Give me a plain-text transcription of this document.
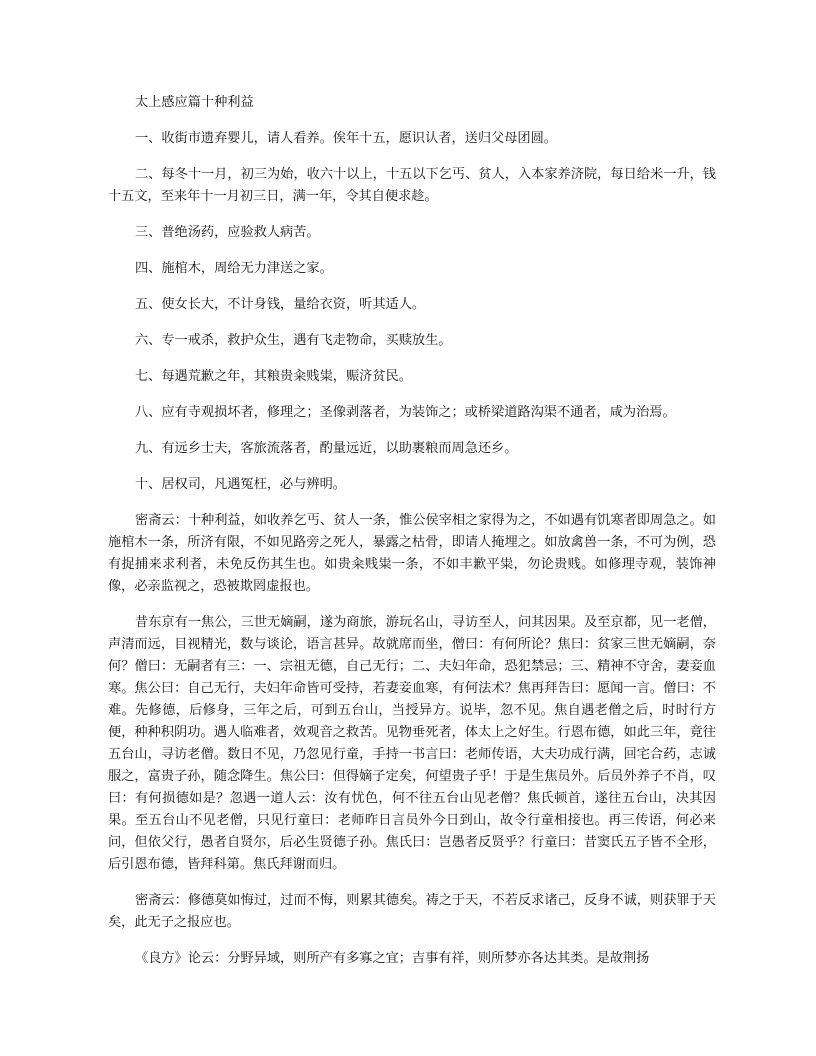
太上感应篇十种利益

一、收街市遗弃婴儿，请人看养。俟年十五，愿识认者，送归父母团圆。

二、每冬十一月，初三为始，收六十以上，十五以下乞丐、贫人，入本家养济院，每日给米一升，钱十五文，至来年十一月初三日，满一年，令其自便求趁。

三、普绝汤药，应验救人病苦。

四、施棺木，周给无力津送之家。

五、使女长大，不计身钱，量给衣资，听其适人。

六、专一戒杀，救护众生，遇有飞走物命，买赎放生。

七、每遇荒歉之年，其粮贵籴贱粜，赈济贫民。

八、应有寺观损坏者，修理之；圣像剥落者，为装饰之；或桥梁道路沟渠不通者，咸为治焉。

九、有远乡士夫，客旅流落者，酌量远近，以助裹粮而周急还乡。

十、居权司，凡遇冤枉，必与辨明。

密斋云：十种利益，如收养乞丐、贫人一条，惟公侯宰相之家得为之，不如遇有饥寒者即周急之。如施棺木一条，所济有限，不如见路旁之死人，暴露之枯骨，即请人掩埋之。如放禽兽一条，不可为例，恐有捉捕来求利者，未免反伤其生也。如贵籴贱粜一条，不如丰歉平粜，勿论贵贱。如修理寺观，装饰神像，必亲监视之，恐被欺罔虚报也。

昔东京有一焦公，三世无嫡嗣，遂为商旅，游玩名山，寻访至人，问其因果。及至京都，见一老僧，声清而远，目视精光，数与谈论，语言甚异。故就席而坐，僧曰：有何所论？焦曰：贫家三世无嫡嗣，奈何？僧曰：无嗣者有三：一、宗祖无德，自己无行；二、夫妇年命，恐犯禁忌；三、精神不守舍，妻妾血寒。焦公曰：自己无行，夫妇年命皆可受持，若妻妾血寒，有何法术？焦再拜告曰：愿闻一言。僧曰：不难。先修德，后修身，三年之后，可到五台山，当授异方。说毕，忽不见。焦自遇老僧之后，时时行方便，种种积阴功。遇人临难者，效观音之救苦。见物垂死者，体太上之好生。行恩布德，如此三年，竟往五台山，寻访老僧。数日不见，乃忽见行童，手持一书言曰：老师传语，大夫功成行满，回宅合药，志诚服之，富贵子孙，随念降生。焦公曰：但得嫡子定矣，何望贵子乎！于是生焦员外。后员外养子不肖，叹曰：有何损德如是？忽遇一道人云：汝有忧色，何不往五台山见老僧？焦氏顿首，遂往五台山，决其因果。至五台山不见老僧，只见行童曰：老师昨日言员外今日到山，故令行童相接也。再三传语，何必来问，但依父行，愚者自贤尔，后必生贤德子孙。焦氏曰：岂愚者反贤乎？行童曰：昔窦氏五子皆不全形，后引恩布德，皆拜科第。焦氏拜谢而归。

密斋云：修德莫如悔过，过而不悔，则累其德矣。祷之于天，不若反求诸己，反身不诚，则获罪于天矣，此无子之报应也。

《良方》论云：分野异域，则所产有多寡之宜；吉事有祥，则所梦亦各达其类。是故荆扬
